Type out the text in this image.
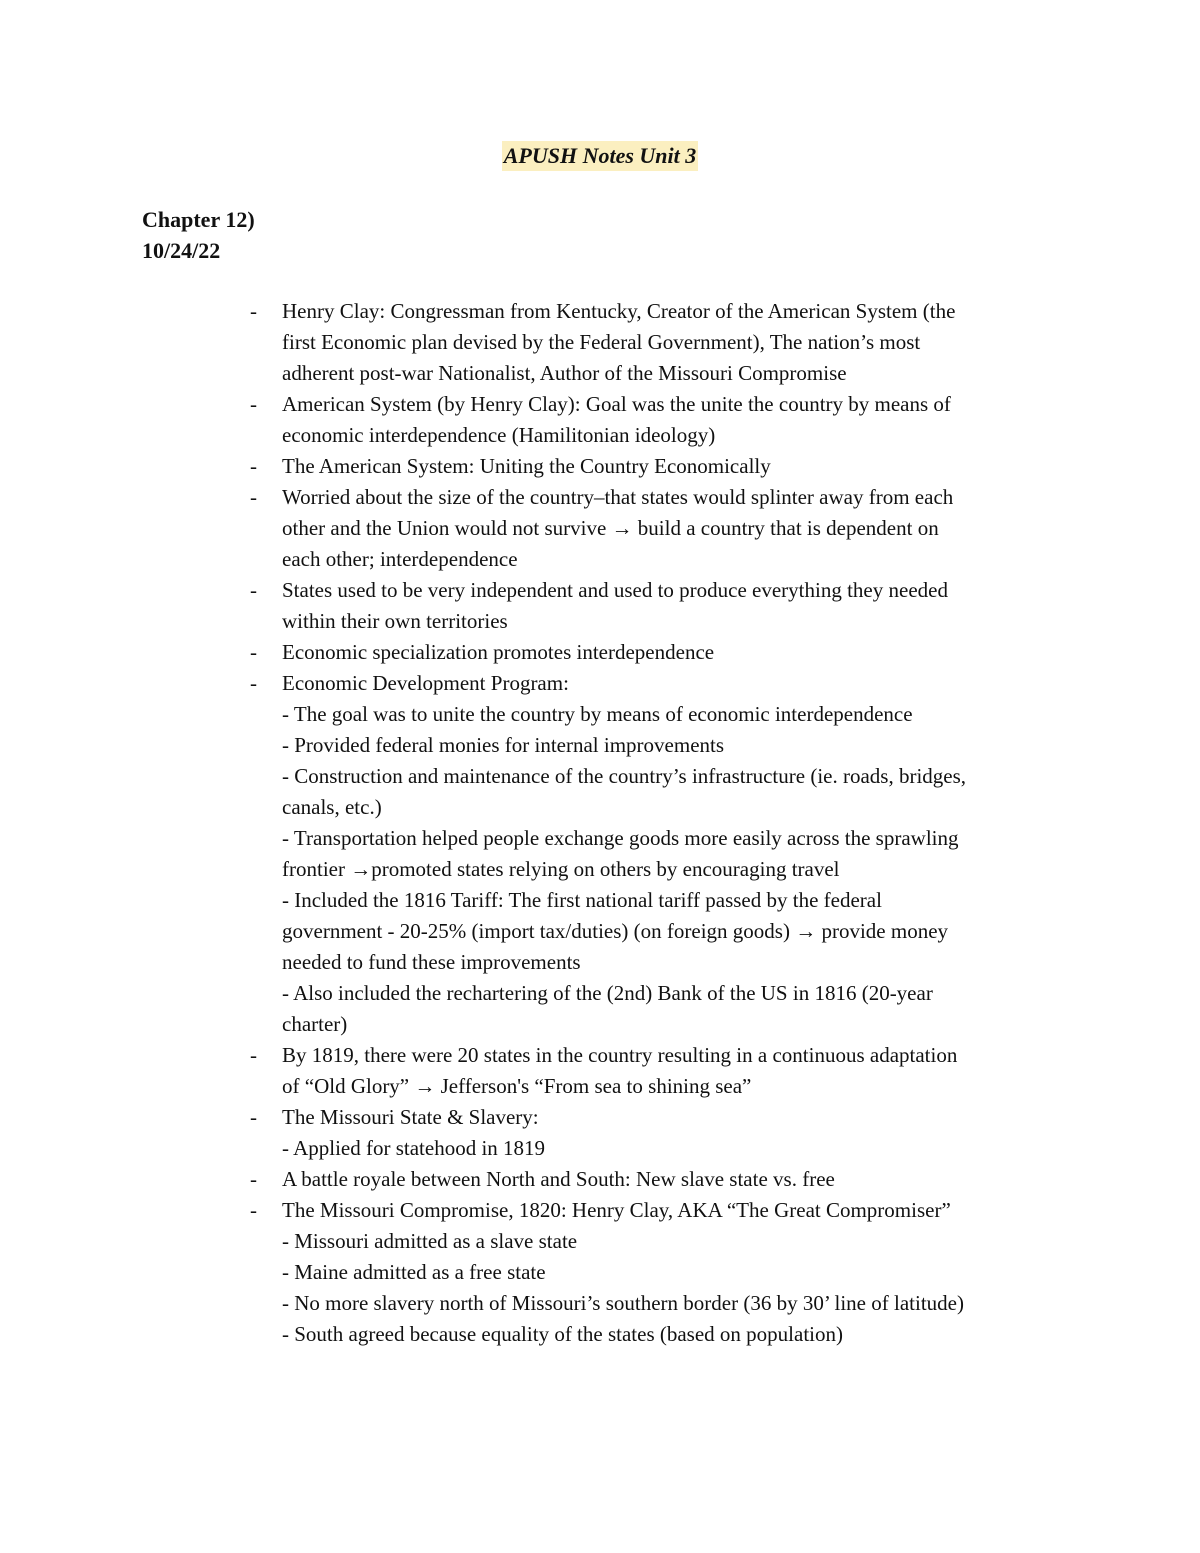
APUSH Notes Unit 3
Chapter 12)
10/24/22
- Henry Clay: Congressman from Kentucky, Creator of the American System (the
first Economic plan devised by the Federal Government), The nation’s most
adherent post-war Nationalist, Author of the Missouri Compromise
- American System (by Henry Clay): Goal was the unite the country by means of
economic interdependence (Hamilitonian ideology)
- The American System: Uniting the Country Economically
- Worried about the size of the country–that states would splinter away from each
other and the Union would not survive → build a country that is dependent on
each other; interdependence
- States used to be very independent and used to produce everything they needed
within their own territories
- Economic specialization promotes interdependence
- Economic Development Program:
- The goal was to unite the country by means of economic interdependence
- Provided federal monies for internal improvements
- Construction and maintenance of the country’s infrastructure (ie. roads, bridges,
canals, etc.)
- Transportation helped people exchange goods more easily across the sprawling
frontier →promoted states relying on others by encouraging travel
- Included the 1816 Tariff: The first national tariff passed by the federal
government - 20-25% (import tax/duties) (on foreign goods) → provide money
needed to fund these improvements
- Also included the rechartering of the (2nd) Bank of the US in 1816 (20-year
charter)
- By 1819, there were 20 states in the country resulting in a continuous adaptation
of “Old Glory” → Jefferson's “From sea to shining sea”
- The Missouri State & Slavery:
- Applied for statehood in 1819
- A battle royale between North and South: New slave state vs. free
- The Missouri Compromise, 1820: Henry Clay, AKA “The Great Compromiser”
- Missouri admitted as a slave state
- Maine admitted as a free state
- No more slavery north of Missouri’s southern border (36 by 30’ line of latitude)
- South agreed because equality of the states (based on population)
